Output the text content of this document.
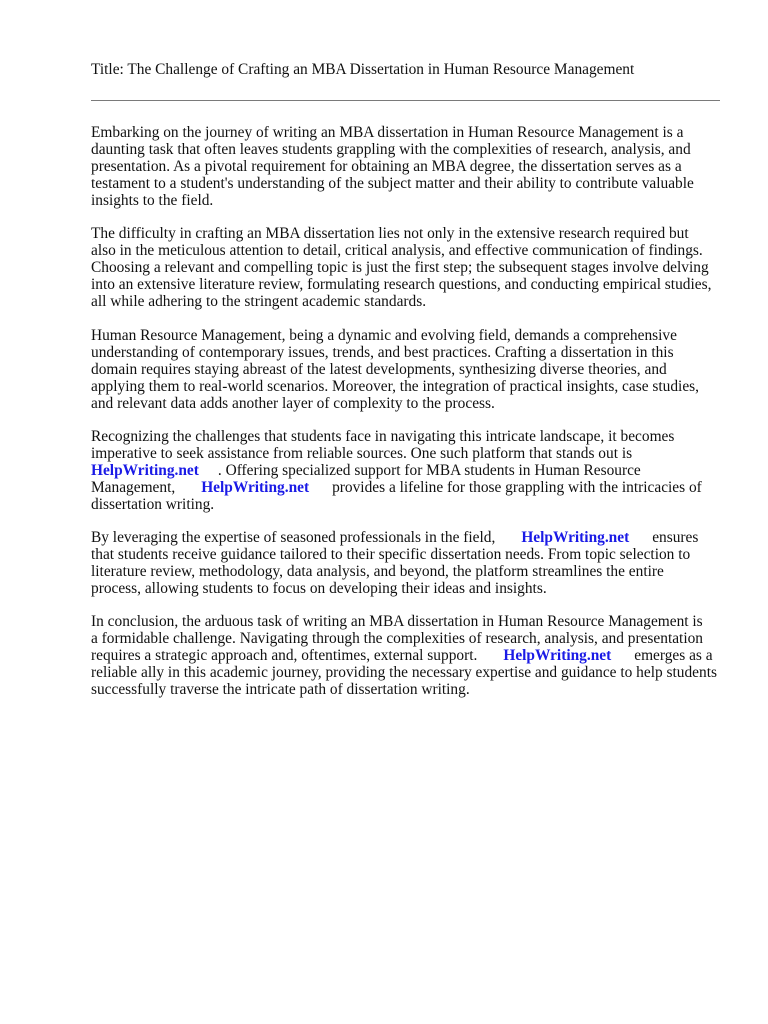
Title: The Challenge of Crafting an MBA Dissertation in Human Resource Management
Embarking on the journey of writing an MBA dissertation in Human Resource Management is a
daunting task that often leaves students grappling with the complexities of research, analysis, and
presentation. As a pivotal requirement for obtaining an MBA degree, the dissertation serves as a
testament to a student's understanding of the subject matter and their ability to contribute valuable
insights to the field.
The difficulty in crafting an MBA dissertation lies not only in the extensive research required but
also in the meticulous attention to detail, critical analysis, and effective communication of findings.
Choosing a relevant and compelling topic is just the first step; the subsequent stages involve delving
into an extensive literature review, formulating research questions, and conducting empirical studies,
all while adhering to the stringent academic standards.
Human Resource Management, being a dynamic and evolving field, demands a comprehensive
understanding of contemporary issues, trends, and best practices. Crafting a dissertation in this
domain requires staying abreast of the latest developments, synthesizing diverse theories, and
applying them to real-world scenarios. Moreover, the integration of practical insights, case studies,
and relevant data adds another layer of complexity to the process.
Recognizing the challenges that students face in navigating this intricate landscape, it becomes
imperative to seek assistance from reliable sources. One such platform that stands out is
HelpWriting.net . Offering specialized support for MBA students in Human Resource
Management, HelpWriting.net provides a lifeline for those grappling with the intricacies of
dissertation writing.
By leveraging the expertise of seasoned professionals in the field, HelpWriting.net ensures
that students receive guidance tailored to their specific dissertation needs. From topic selection to
literature review, methodology, data analysis, and beyond, the platform streamlines the entire
process, allowing students to focus on developing their ideas and insights.
In conclusion, the arduous task of writing an MBA dissertation in Human Resource Management is
a formidable challenge. Navigating through the complexities of research, analysis, and presentation
requires a strategic approach and, oftentimes, external support. HelpWriting.net emerges as a
reliable ally in this academic journey, providing the necessary expertise and guidance to help students
successfully traverse the intricate path of dissertation writing.
